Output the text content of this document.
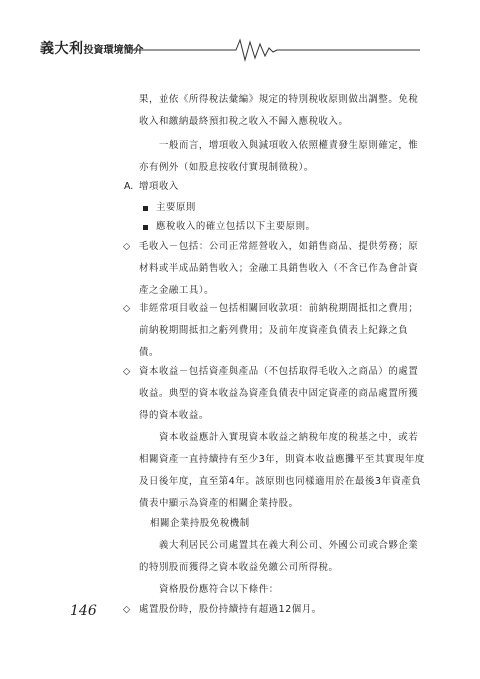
義大利投資環境簡介
果，並依《所得稅法彙編》規定的特別稅收原則做出調整。免稅
收入和繳納最終預扣稅之收入不歸入應稅收入。
一般而言，增項收入與減項收入依照權責發生原則確定，惟
亦有例外（如股息按收付實現制徵稅）。
A. 增項收入
主要原則
應稅收入的確立包括以下主要原則。
◇ 毛收入－包括：公司正常經營收入，如銷售商品、提供勞務；原
材料或半成品銷售收入；金融工具銷售收入（不含已作為會計資
產之金融工具）。
◇ 非經常項目收益－包括相關回收款項：前納稅期間抵扣之費用；
前納稅期間抵扣之虧列費用；及前年度資產負債表上紀錄之負
債。
◇ 資本收益－包括資產與產品（不包括取得毛收入之商品）的處置
收益。典型的資本收益為資產負債表中固定資產的商品處置所獲
得的資本收益。
資本收益應計入實現資本收益之納稅年度的稅基之中，或若
相關資產一直持續持有至少3年，則資本收益應攤平至其實現年度
及日後年度，直至第4年。該原則也同樣適用於在最後3年資產負
債表中顯示為資產的相關企業持股。
相關企業持股免稅機制
義大利居民公司處置其在義大利公司、外國公司或合夥企業
的特別股而獲得之資本收益免繳公司所得稅。
資格股份應符合以下條件：
◇ 處置股份時，股份持續持有超過12個月。
146
